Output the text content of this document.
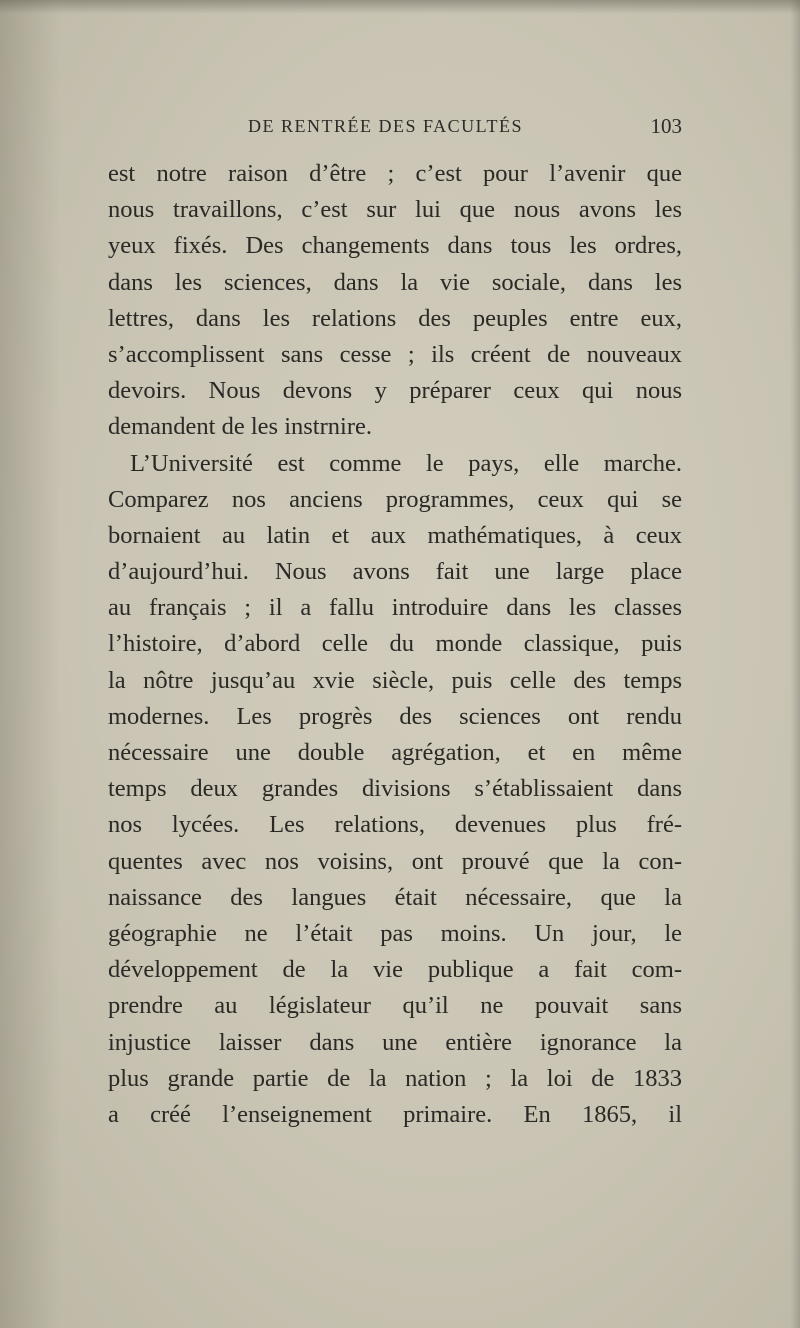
DE RENTRÉE DES FACULTÉS	103
est notre raison d’être ; c’est pour l’avenir que
nous travaillons, c’est sur lui que nous avons les
yeux fixés. Des changements dans tous les ordres,
dans les sciences, dans la vie sociale, dans les
lettres, dans les relations des peuples entre eux,
s’accomplissent sans cesse ; ils créent de nouveaux
devoirs. Nous devons y préparer ceux qui nous
demandent de les instrnire.
L’Université est comme le pays, elle marche.
Comparez nos anciens programmes, ceux qui se
bornaient au latin et aux mathématiques, à ceux
d’aujourd’hui. Nous avons fait une large place
au français ; il a fallu introduire dans les classes
l’histoire, d’abord celle du monde classique, puis
la nôtre jusqu’au xvie siècle, puis celle des temps
modernes. Les progrès des sciences ont rendu
nécessaire une double agrégation, et en même
temps deux grandes divisions s’établissaient dans
nos lycées. Les relations, devenues plus fré-
quentes avec nos voisins, ont prouvé que la con-
naissance des langues était nécessaire, que la
géographie ne l’était pas moins. Un jour, le
développement de la vie publique a fait com-
prendre au législateur qu’il ne pouvait sans
injustice laisser dans une entière ignorance la
plus grande partie de la nation ; la loi de 1833
a créé l’enseignement primaire. En 1865, il
